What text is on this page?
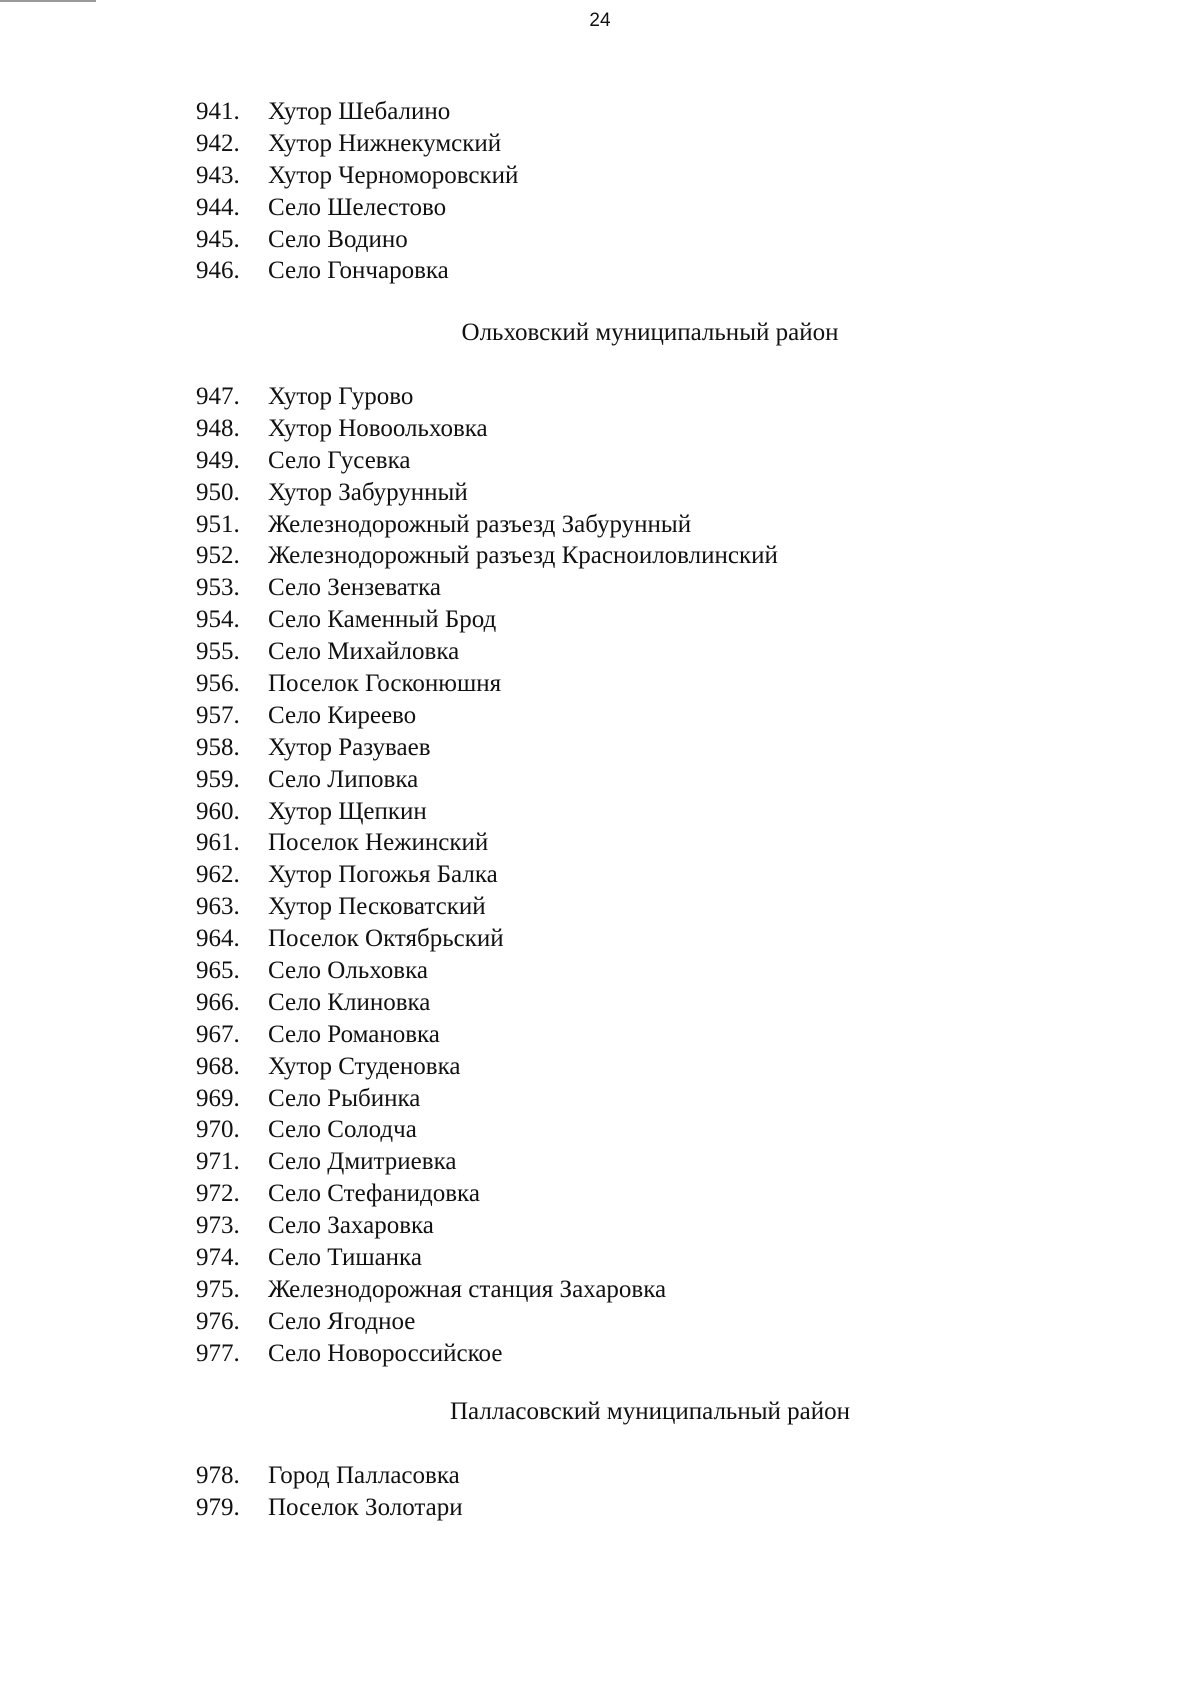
24
941.	Хутор Шебалино
942.	Хутор Нижнекумский
943.	Хутор Черноморовский
944.	Село Шелестово
945.	Село Водино
946.	Село Гончаровка
Ольховский муниципальный район
947.	Хутор Гурово
948.	Хутор Новоольховка
949.	Село Гусевка
950.	Хутор Забурунный
951.	Железнодорожный разъезд Забурунный
952.	Железнодорожный разъезд Красноиловлинский
953.	Село Зензеватка
954.	Село Каменный Брод
955.	Село Михайловка
956.	Поселок Госконюшня
957.	Село Киреево
958.	Хутор Разуваев
959.	Село Липовка
960.	Хутор Щепкин
961.	Поселок Нежинский
962.	Хутор Погожья Балка
963.	Хутор Песковатский
964.	Поселок Октябрьский
965.	Село Ольховка
966.	Село Клиновка
967.	Село Романовка
968.	Хутор Студеновка
969.	Село Рыбинка
970.	Село Солодча
971.	Село Дмитриевка
972.	Село Стефанидовка
973.	Село Захаровка
974.	Село Тишанка
975.	Железнодорожная станция Захаровка
976.	Село Ягодное
977.	Село Новороссийское
Палласовский муниципальный район
978.	Город Палласовка
979.	Поселок Золотари
